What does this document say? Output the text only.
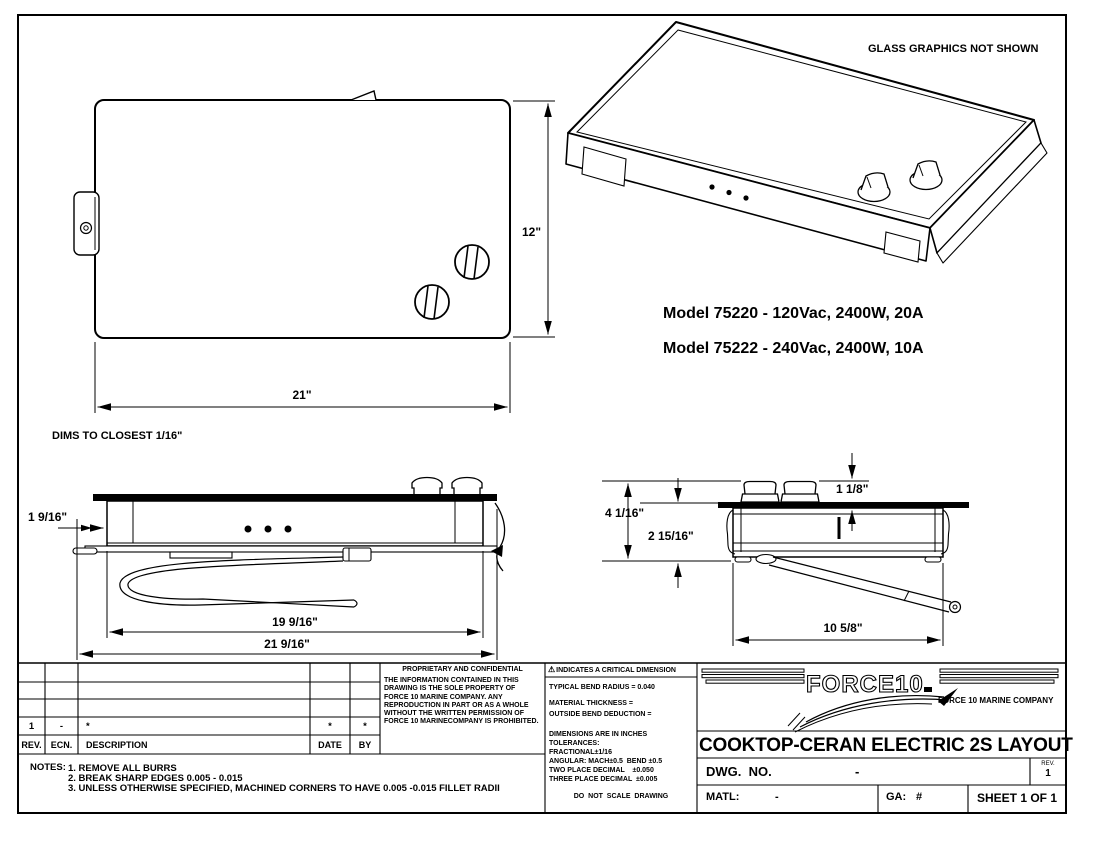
FORCE10
GLASS GRAPHICS NOT SHOWN
Model 75220 - 120Vac, 2400W, 20A
Model 75222 - 240Vac, 2400W, 10A
12"
21"
DIMS TO CLOSEST 1/16"
1 9/16"
19 9/16"
21 9/16"
4 1/16"
2 15/16"
1 1/8"
10 5/8"
1	-	*	*	*
REV.	ECN.	DESCRIPTION	DATE	BY
NOTES: 1. REMOVE ALL BURRS
2. BREAK SHARP EDGES 0.005 - 0.015
3. UNLESS OTHERWISE SPECIFIED, MACHINED CORNERS TO HAVE 0.005 -0.015 FILLET RADII
PROPRIETARY AND CONFIDENTIAL
THE INFORMATION CONTAINED IN THIS DRAWING IS THE SOLE PROPERTY OF FORCE 10 MARINE COMPANY. ANY REPRODUCTION IN PART OR AS A WHOLE WITHOUT THE WRITTEN PERMISSION OF FORCE 10 MARINECOMPANY IS PROHIBITED.
⚠INDICATES A CRITICAL DIMENSION
TYPICAL BEND RADIUS = 0.040
MATERIAL THICKNESS =
OUTSIDE BEND DEDUCTION =
DIMENSIONS ARE IN INCHES
TOLERANCES:
FRACTIONAL±1/16
ANGULAR: MACH±0.5  BEND ±0.5
TWO PLACE DECIMAL    ±0.050
THREE PLACE DECIMAL  ±0.005
DO  NOT  SCALE  DRAWING
FORCE 10 MARINE COMPANY
COOKTOP-CERAN ELECTRIC 2S LAYOUT
DWG.  NO.	-	REV.
1
MATL:	-	GA: #	SHEET 1 OF 1
